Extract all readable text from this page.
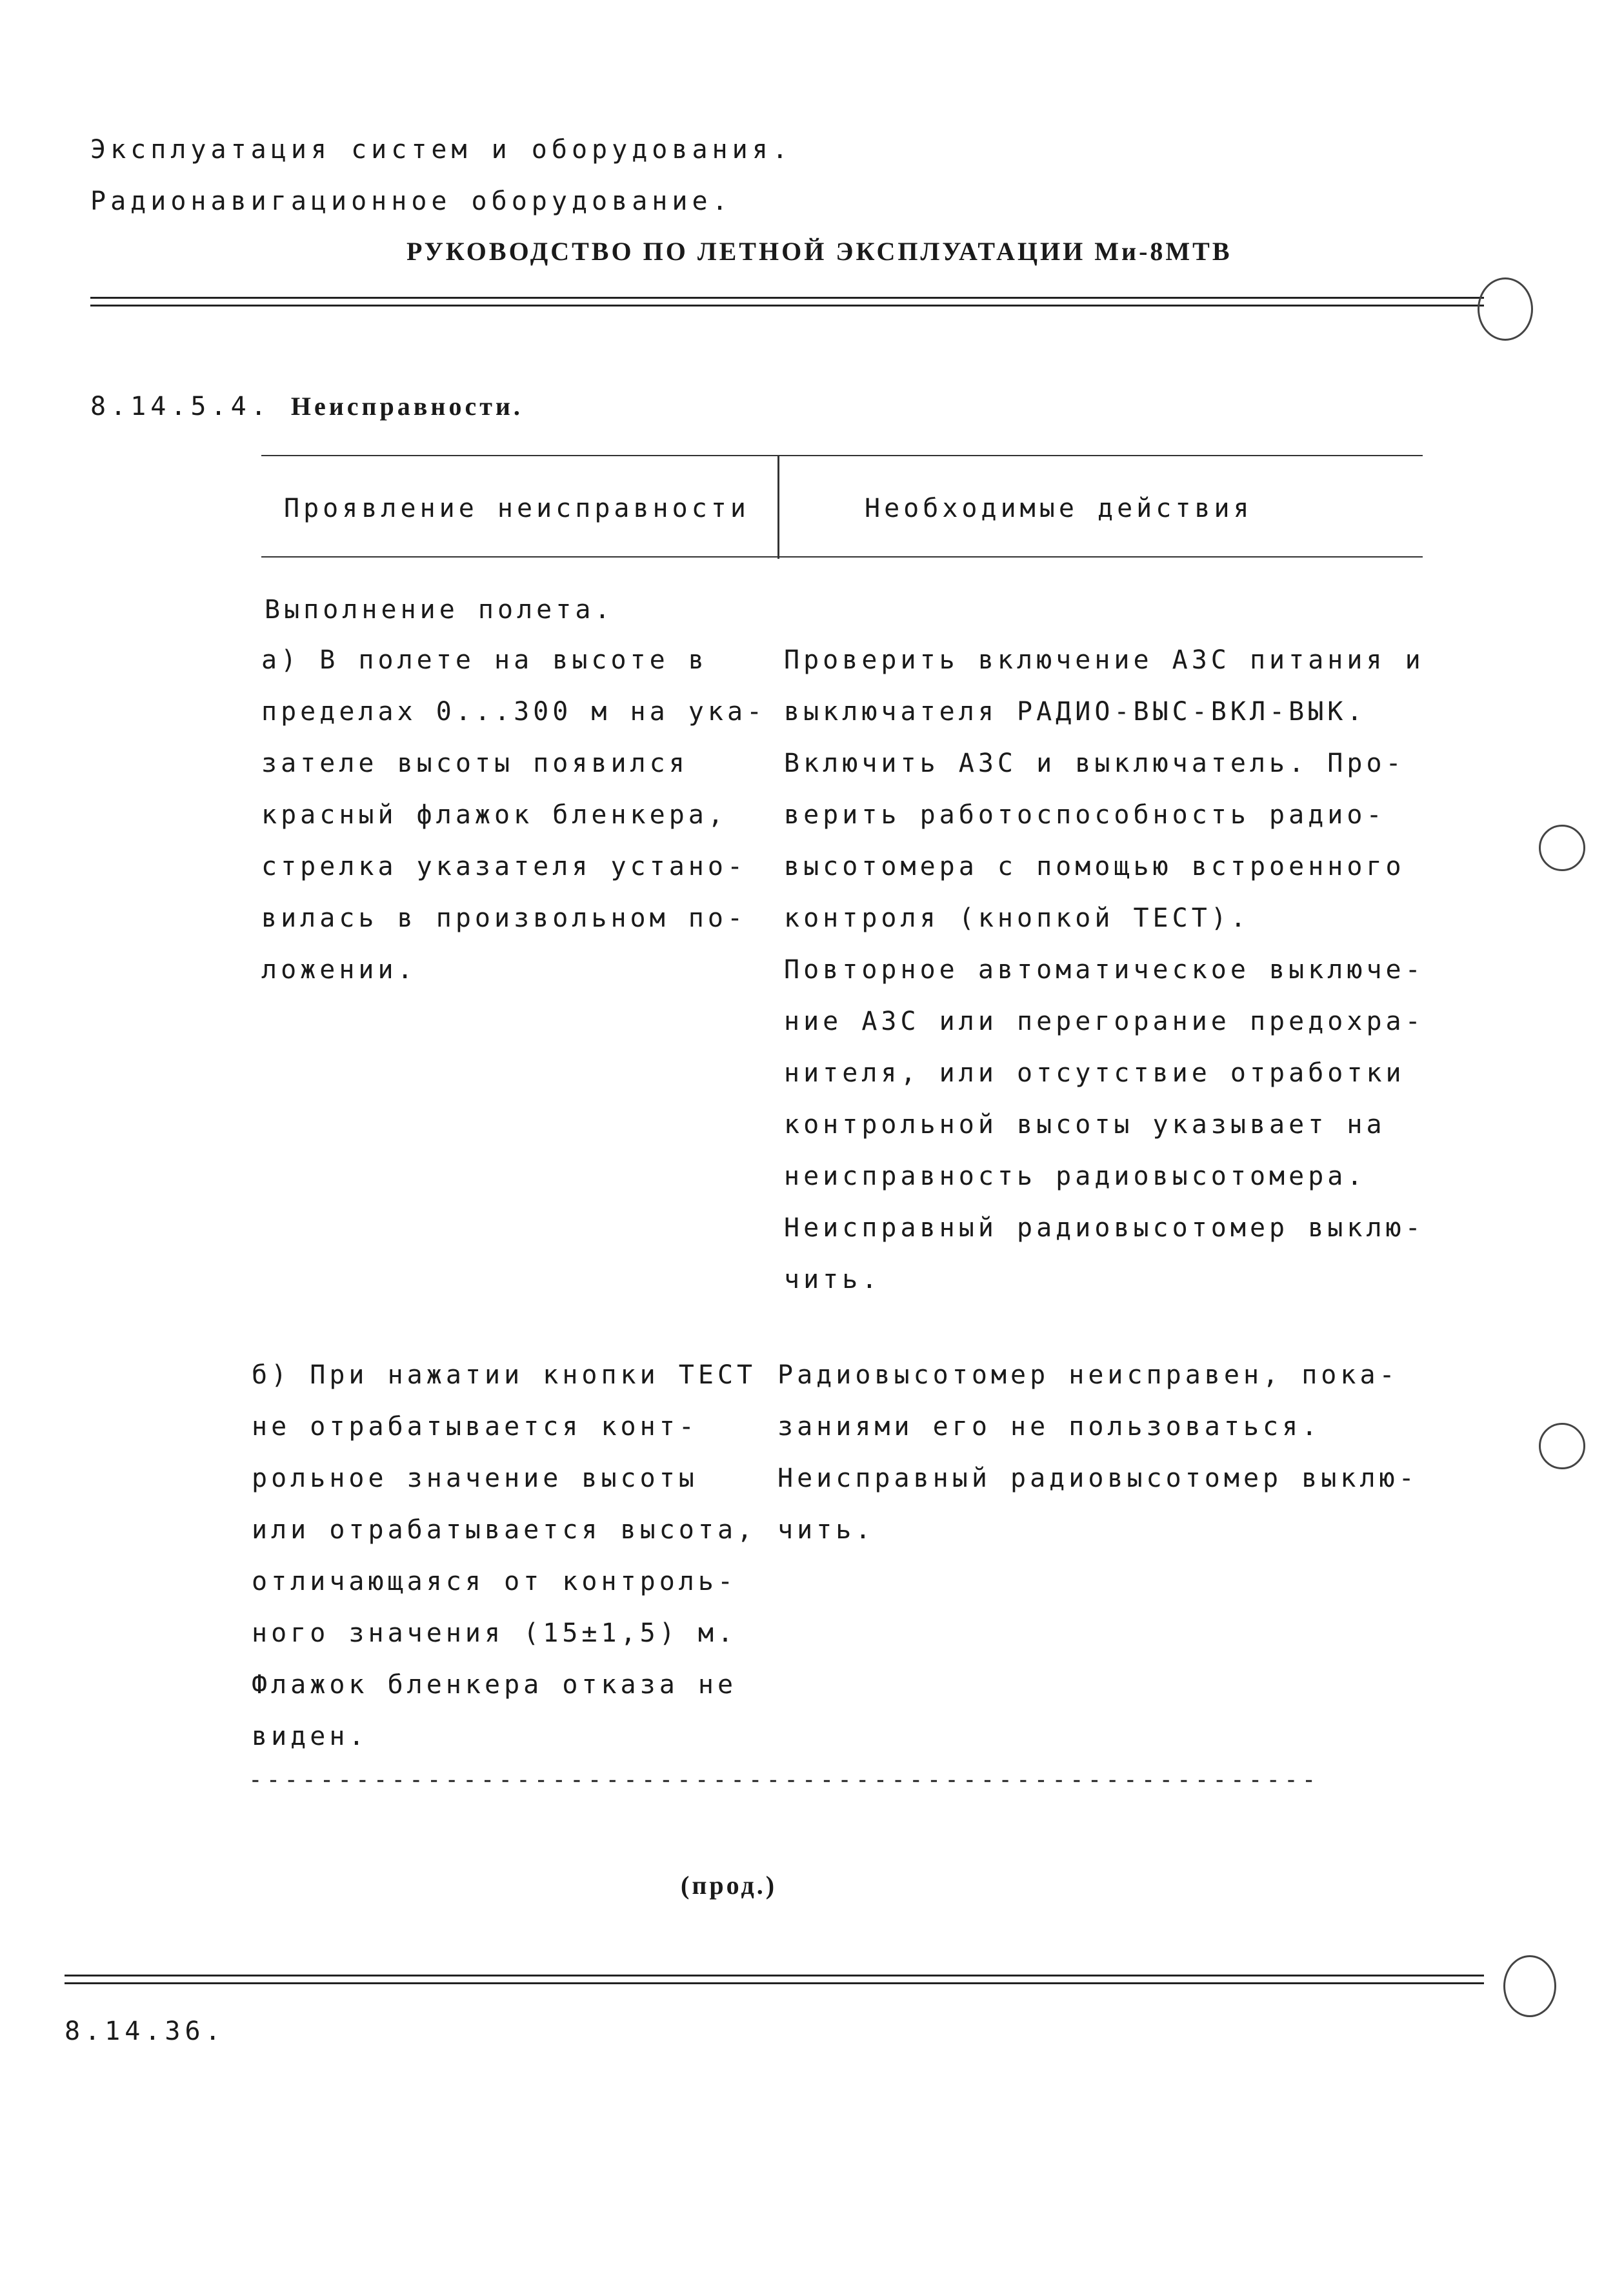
Эксплуатация систем и оборудования.
Радионавигационное оборудование.
РУКОВОДСТВО ПО ЛЕТНОЙ ЭКСПЛУАТАЦИИ Ми-8МТВ
8.14.5.4. Неисправности.
Проявление неисправности	Необходимые действия
Выполнение полета.
а) В полете на высоте в
пределах 0...300 м на ука-
зателе высоты появился
красный флажок бленкера,
стрелка указателя устано-
вилась в произвольном по-
ложении.
Проверить включение АЗС питания и
выключателя РАДИО-ВЫС-ВКЛ-ВЫК.
Включить АЗС и выключатель. Про-
верить работоспособность радио-
высотомера с помощью встроенного
контроля (кнопкой ТЕСТ).
Повторное автоматическое выключе-
ние АЗС или перегорание предохра-
нителя, или отсутствие отработки
контрольной высоты указывает на
неисправность радиовысотомера.
Неисправный радиовысотомер выклю-
чить.
б) При нажатии кнопки ТЕСТ
не отрабатывается конт-
рольное значение высоты
или отрабатывается высота,
отличающаяся от контроль-
ного значения (15±1,5) м.
Флажок бленкера отказа не
виден.
Радиовысотомер неисправен, пока-
заниями его не пользоваться.
Неисправный радиовысотомер выклю-
чить.
------------------------------------------------------------
(прод.)
8.14.36.
